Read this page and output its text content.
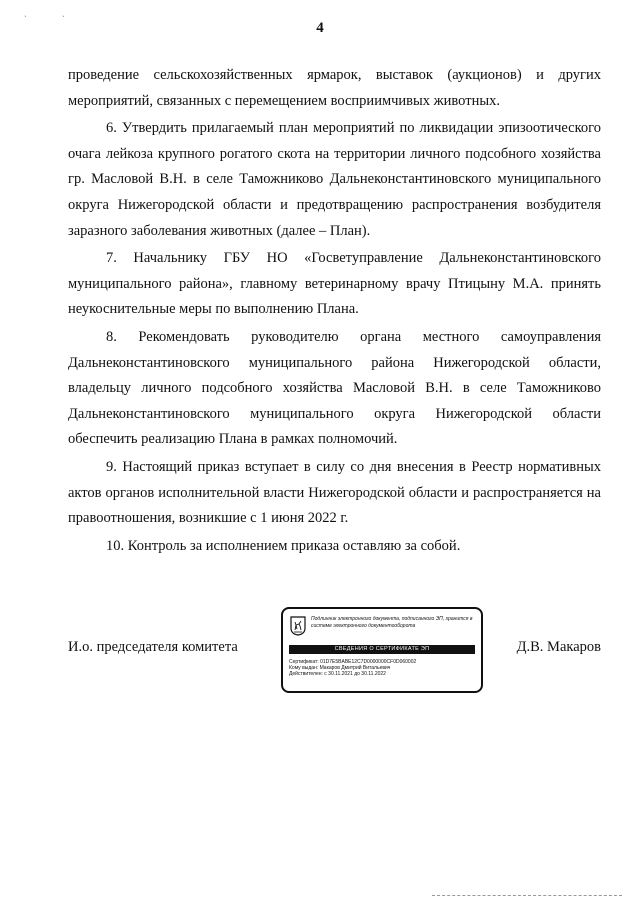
ˏ	ˎ
4

проведение сельскохозяйственных ярмарок, выставок (аукционов) и других мероприятий, связанных с перемещением восприимчивых животных.

6. Утвердить прилагаемый план мероприятий по ликвидации эпизоотического очага лейкоза крупного рогатого скота на территории личного подсобного хозяйства гр. Масловой В.Н. в селе Таможниково Дальнеконстантиновского муниципального округа Нижегородской области и предотвращению распространения возбудителя заразного заболевания животных (далее – План).

7. Начальнику ГБУ НО «Госветуправление Дальнеконстантиновского муниципального района», главному ветеринарному врачу Птицыну М.А. принять неукоснительные меры по выполнению Плана.

8. Рекомендовать руководителю органа местного самоуправления Дальнеконстантиновского муниципального района Нижегородской области, владельцу личного подсобного хозяйства Масловой В.Н. в селе Таможниково Дальнеконстантиновского муниципального округа Нижегородской области обеспечить реализацию Плана в рамках полномочий.

9. Настоящий приказ вступает в силу со дня внесения в Реестр нормативных актов органов исполнительной власти Нижегородской области и распространяется на правоотношения, возникшие с 1 июня 2022 г.

10. Контроль за исполнением приказа оставляю за собой.

И.о. председателя комитета	Д.В. Макаров
Подлинник электронного документа, подписанного ЭП, хранится в системе электронного документооборота
СВЕДЕНИЯ О СЕРТИФИКАТЕ ЭП
Сертификат: 01D7E5BABE12C7D0000000CF0D060002
Кому выдан: Макаров Дмитрий Витальевич
Действителен: с 30.11.2021 до 30.11.2022
